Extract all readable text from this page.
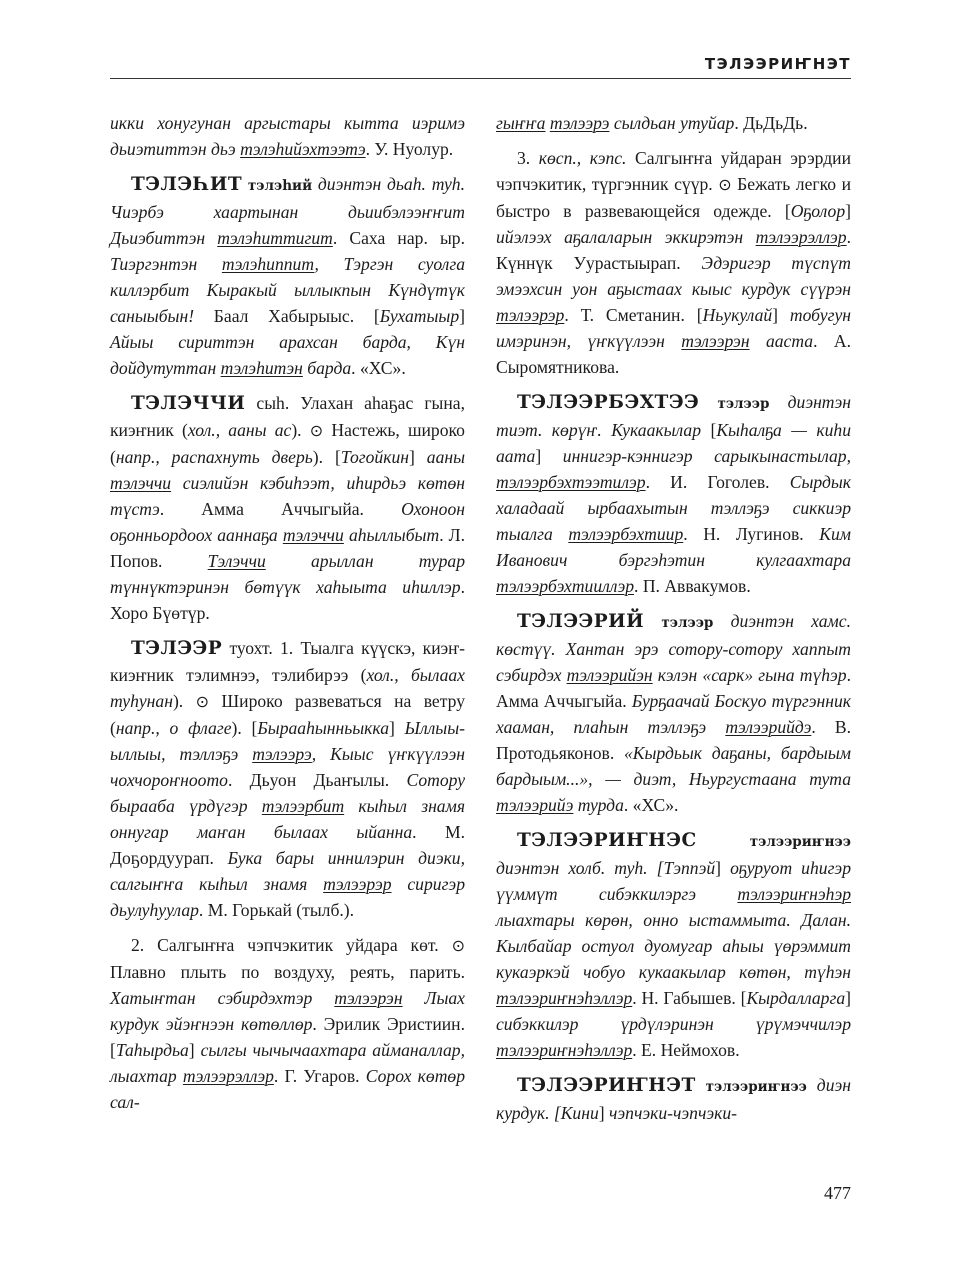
ТЭЛЭЭРИҤНЭТ

икки хонугунан аргыстары кытта иэримэ дьиэтиттэн дьэ тэлэһийэхтээтэ. У. Нуолур.

ТЭЛЭҺИТ тэлэһий диэнтэн дьаһ. туһ. Чиэрбэ хаартынан дьиибэлээҥҥит Дьиэбиттэн тэлэһиттигит. Саха нар. ыр. Тиэргэнтэн тэлэһиппит, Тэргэн суолга киллэрбит Кыракый ыллыкпын Күндүтүк саныыбын! Баал Хабырыыс. [Бухатыыр] Айыы сириттэн арахсан барда, Күн дойдутуттан тэлэһитэн барда. «ХС».

ТЭЛЭЧЧИ сыһ. Улахан аһаҕас гына, киэҥник (хол., ааны ас). ⊙ Настежь, широко (напр., распахнуть дверь). [Тогойкин] ааны тэлэччи сиэлийэн кэбиһээт, иһирдьэ көтөн түстэ. Амма Аччыгыйа. Охоноон оҕонньордоох ааннаҕа тэлэччи аһыллыбыт. Л. Попов. Тэлэччи арыллан турар түннүктэринэн бөтүүк хаһыыта иһиллэр. Хоро Бүөтүр.

ТЭЛЭЭР туохт. 1. Тыалга күүскэ, киэҥ-киэҥник тэлимнээ, тэлибирээ (хол., былаах туһунан). ⊙ Широко развеваться на ветру (напр., о флаге). [Бырааһынньыкка] Ыллыы-ыллыы, тэллэҕэ тэлээрэ, Кыыс үҥкүүлээн чохчороҥноото. Дьуон Дьаҥылы. Сотору бырааба үрдүгэр тэлээрбит кыһыл знамя оннугар маҥан былаах ыйанна. М. Доҕордуурап. Бука бары иннилэрин диэки, салгыҥҥа кыһыл знамя тэлээрэр сиригэр дьулуһуулар. М. Горькай (тылб.).

2. Салгыҥҥа чэпчэкитик уйдара көт. ⊙ Плавно плыть по воздуху, реять, парить. Хатыҥтан сэбирдэхтэр тэлээрэн Лыах курдук эйэҥнээн көтөллөр. Эрилик Эристиин. [Таһырдьа] сылгы чычычаахтара айманаллар, лыахтар тэлээрэллэр. Г. Угаров. Сорох көтөр сал-

гыҥҥа тэлээрэ сылдьан утуйар. ДьДьДь.

3. көсп., кэпс. Салгыҥҥа уйдаран эрэрдии чэпчэкитик, түргэнник сүүр. ⊙ Бежать легко и быстро в развевающейся одежде. [Оҕолор] ийэлээх аҕалаларын эккирэтэн тэлээрэллэр. Күннүк Уурастыырап. Эдэригэр түспүт эмээхсин уон аҕыстаах кыыс курдук сүүрэн тэлээрэр. Т. Сметанин. [Ньукулай] тобугун имэринэн, үҥкүүлээн тэлээрэн ааста. А. Сыромятникова.

ТЭЛЭЭРБЭХТЭЭ тэлээр диэнтэн тиэт. көрүҥ. Кукаакылар [Кыһалҕа — киһи аата] иннигэр-кэннигэр сарыкынастылар, тэлээрбэхтээтилэр. И. Гоголев. Сырдык халадаай ырбаахытын тэллэҕэ сиккиэр тыалга тэлээрбэхтиир. Н. Лугинов. Ким Иванович бэргэһэтин кулгаахтара тэлээрбэхтииллэр. П. Аввакумов.

ТЭЛЭЭРИЙ тэлээр диэнтэн хамс. көстүү. Хантан эрэ сотору-сотору хаппыт сэбирдэх тэлээрийэн кэлэн «сарк» гына түһэр. Амма Аччыгыйа. Бурҕаачай Боскуо түргэнник хааман, плаһын тэллэҕэ тэлээрийдэ. В. Протодьяконов. «Кырдьык даҕаны, бардыым бардыым...», — диэт, Ньургустаана тута тэлээрийэ турда. «ХС».

ТЭЛЭЭРИҤНЭС	тэлээриҥнээ диэнтэн холб. туһ. [Тэппэй] оҕуруот иһигэр үүммүт сибэккилэргэ тэлээриҥнэһэр лыахтары көрөн, онно ыстаммыта. Далан. Кылбайар остуол дуомугар аһыы үөрэммит кукаэркэй чобуо кукаакылар көтөн, түһэн тэлээриҥнэһэллэр. Н. Габышев. [Кырдалларга] сибэккилэр үрдүлэринэн үрүмэччилэр тэлээриҥнэһэллэр. Е. Неймохов.

ТЭЛЭЭРИҤНЭТ тэлээриҥнээ диэн курдук. [Кини] чэпчэки-чэпчэки-

477
